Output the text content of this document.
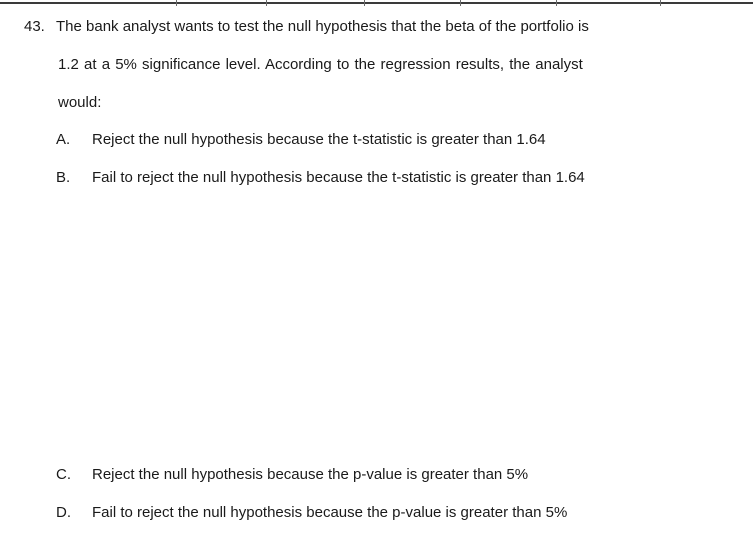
43. The bank analyst wants to test the null hypothesis that the beta of the portfolio is
1.2 at a 5% significance level. According to the regression results, the analyst
would:
A. Reject the null hypothesis because the t-statistic is greater than 1.64
B. Fail to reject the null hypothesis because the t-statistic is greater than 1.64
C. Reject the null hypothesis because the p-value is greater than 5%
D. Fail to reject the null hypothesis because the p-value is greater than 5%
